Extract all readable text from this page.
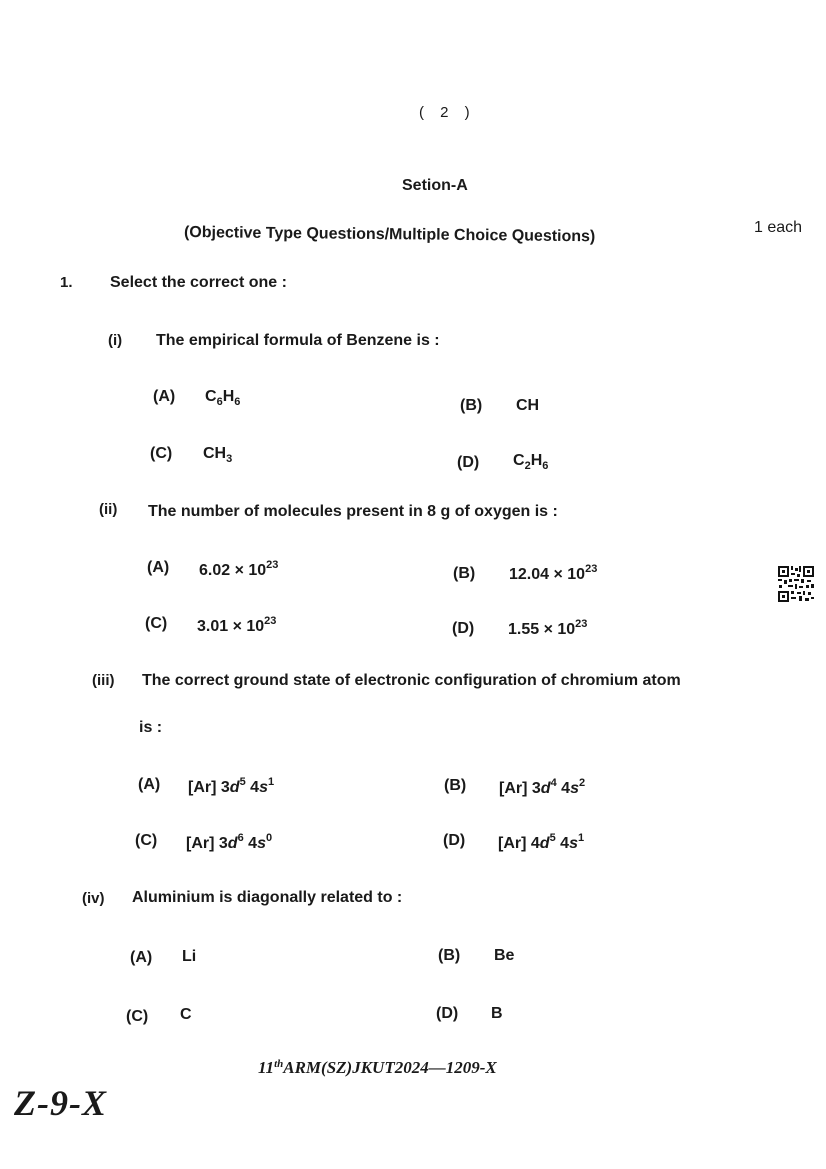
( 2 )
Setion-A
(Objective Type Questions/Multiple Choice Questions)	1 each
1. Select the correct one :
(i) The empirical formula of Benzene is :
(A) $C_6H_6$	(B) CH
(C) $CH_3$	(D) $C_2H_6$
(ii) The number of molecules present in 8 g of oxygen is :
(A) $6.02 \times 10^{23}$	(B) $12.04 \times 10^{23}$
(C) $3.01 \times 10^{23}$	(D) $1.55 \times 10^{23}$
(iii) The correct ground state of electronic configuration of chromium atom
is :
(A) [Ar] $3d^5$ $4s^1$	(B) [Ar] $3d^4$ $4s^2$
(C) [Ar] $3d^6$ $4s^0$	(D) [Ar] $4d^5$ $4s^1$
(iv) Aluminium is diagonally related to :
(A) Li	(B) Be
(C) C	(D) B
11thARM(SZ)JKUT2024—1209-X
Z-9-X
